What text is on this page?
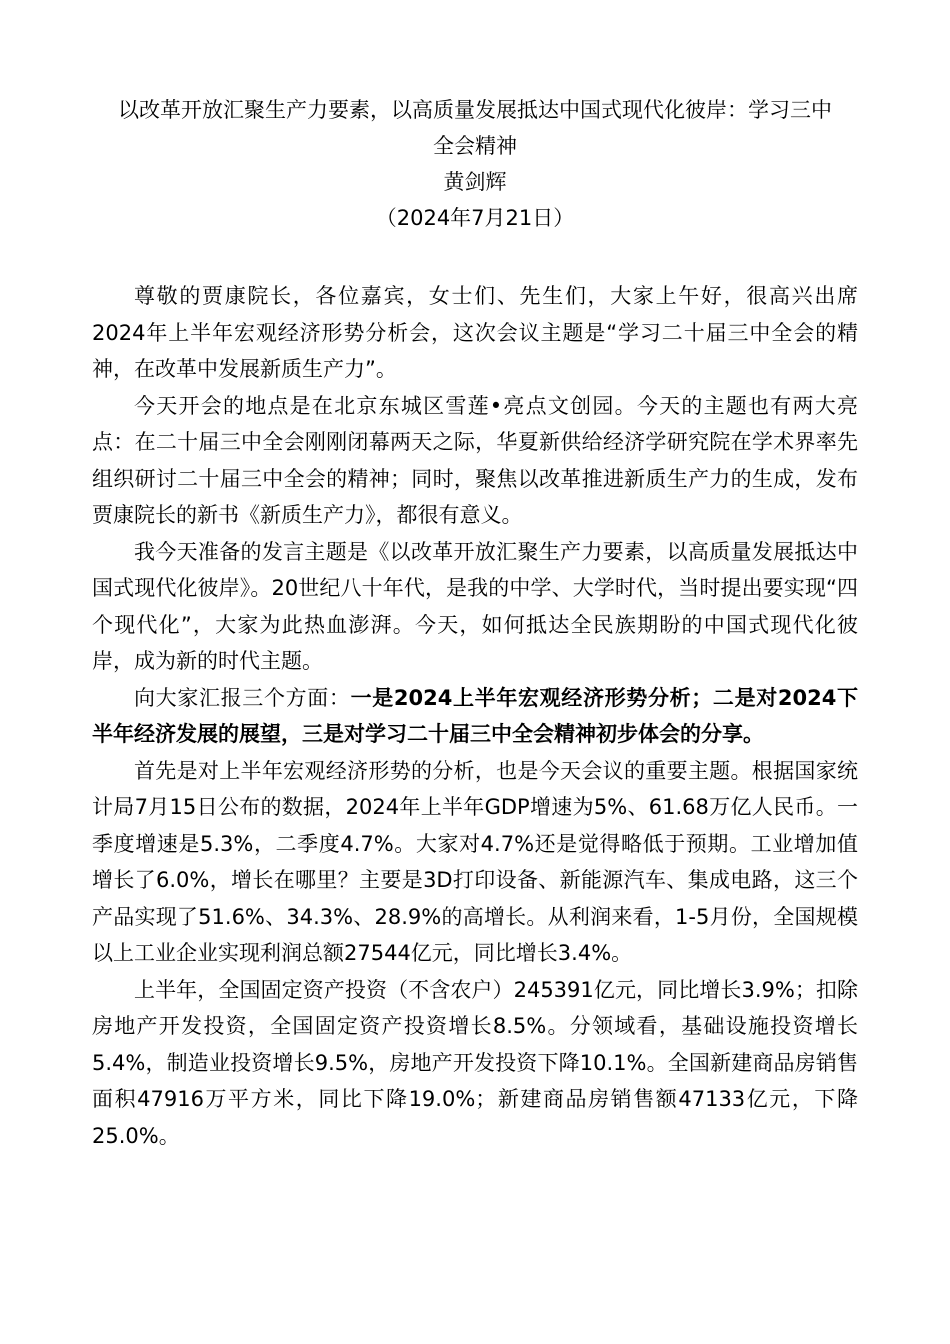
以改革开放汇聚生产力要素，以高质量发展抵达中国式现代化彼岸：学习三中
全会精神
黄剑辉
（2024年7月21日）

尊敬的贾康院长，各位嘉宾，女士们、先生们，大家上午好，很高兴出席2024年上半年宏观经济形势分析会，这次会议主题是“学习二十届三中全会的精神，在改革中发展新质生产力”。

今天开会的地点是在北京东城区雪莲•亮点文创园。今天的主题也有两大亮点：在二十届三中全会刚刚闭幕两天之际，华夏新供给经济学研究院在学术界率先组织研讨二十届三中全会的精神；同时，聚焦以改革推进新质生产力的生成，发布贾康院长的新书《新质生产力》，都很有意义。

我今天准备的发言主题是《以改革开放汇聚生产力要素，以高质量发展抵达中国式现代化彼岸》。20世纪八十年代，是我的中学、大学时代，当时提出要实现“四个现代化”，大家为此热血澎湃。今天，如何抵达全民族期盼的中国式现代化彼岸，成为新的时代主题。

向大家汇报三个方面：一是2024上半年宏观经济形势分析；二是对2024下半年经济发展的展望，三是对学习二十届三中全会精神初步体会的分享。

首先是对上半年宏观经济形势的分析，也是今天会议的重要主题。根据国家统计局7月15日公布的数据，2024年上半年GDP增速为5%、61.68万亿人民币。一季度增速是5.3%，二季度4.7%。大家对4.7%还是觉得略低于预期。工业增加值增长了6.0%，增长在哪里？主要是3D打印设备、新能源汽车、集成电路，这三个产品实现了51.6%、34.3%、28.9%的高增长。从利润来看，1-5月份，全国规模以上工业企业实现利润总额27544亿元，同比增长3.4%。

上半年，全国固定资产投资（不含农户）245391亿元，同比增长3.9%；扣除房地产开发投资，全国固定资产投资增长8.5%。分领域看，基础设施投资增长5.4%，制造业投资增长9.5%，房地产开发投资下降10.1%。全国新建商品房销售面积47916万平方米，同比下降19.0%；新建商品房销售额47133亿元，下降25.0%。
